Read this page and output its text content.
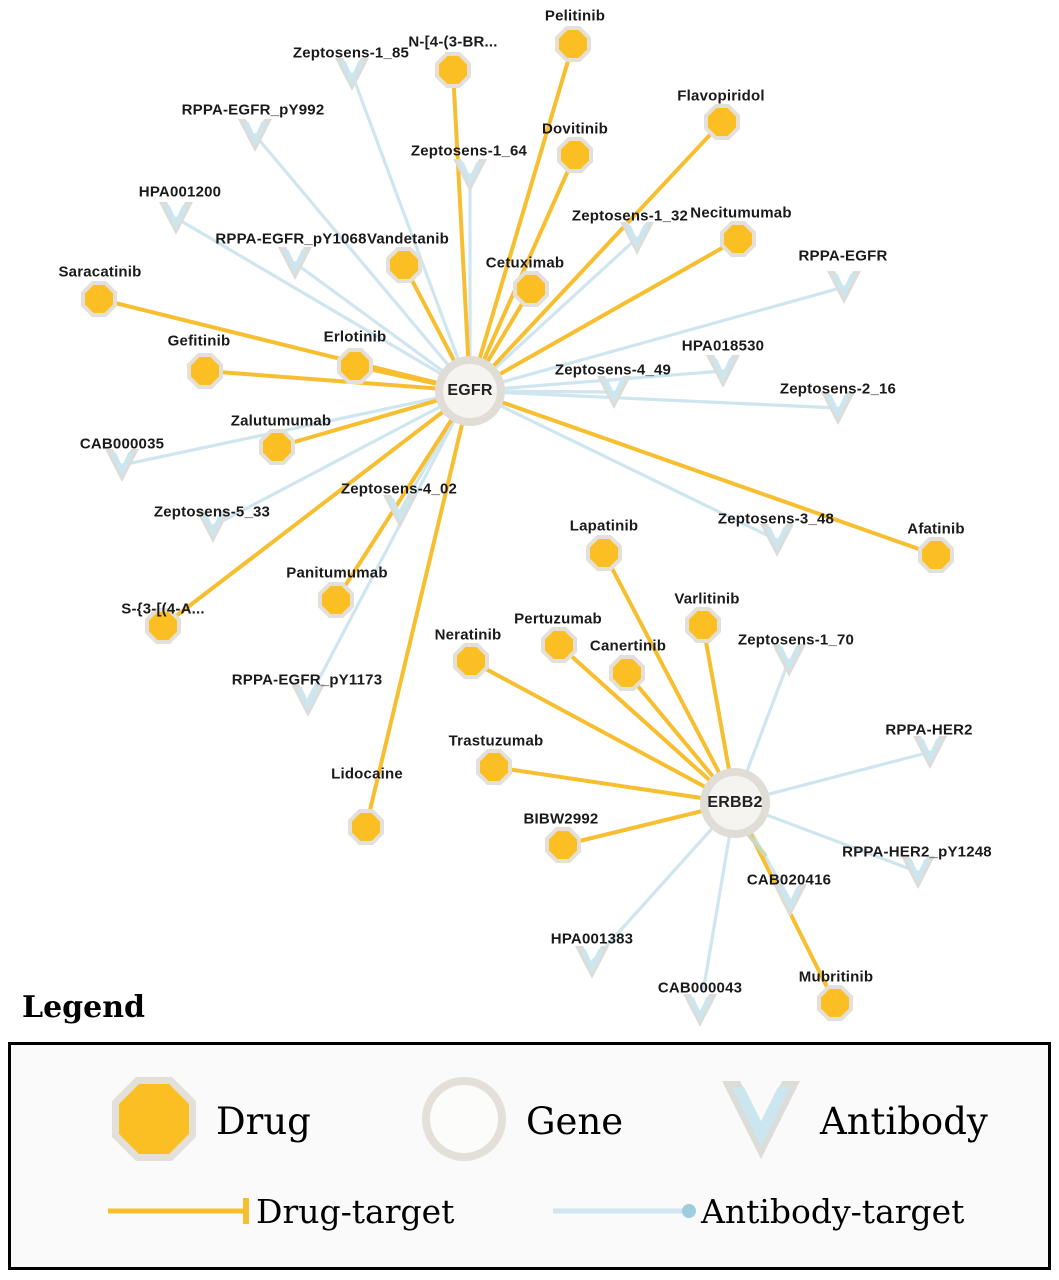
Pelitinib
N-[4-(3-BR...
Flavopiridol
Dovitinib
Necitumumab
Vandetanib
Cetuximab
Saracatinib
Erlotinib
Gefitinib
Zalutumumab
Lapatinib	Afatinib
Panitumumab
S-{3-[(4-A...
Varlitinib
Pertuzumab
Neratinib
Canertinib
Trastuzumab
Lidocaine
BIBW2992
Mubritinib
Zeptosens-1_85
Zeptosens-1_64
RPPA-EGFR_pY992
HPA001200
Zeptosens-1_32
RPPA-EGFR_pY1068
RPPA-EGFR
HPA018530
Zeptosens-4_49
Zeptosens-2_16
CAB000035
Zeptosens-4_02
Zeptosens-5_33	Zeptosens-3_48
Zeptosens-1_70
RPPA-EGFR_pY1173
RPPA-HER2
RPPA-HER2_pY1248
CAB020416
HPA001383
CAB000043
EGFR
ERBB2
Legend
Drug	Gene	Antibody
Drug-target	Antibody-target
